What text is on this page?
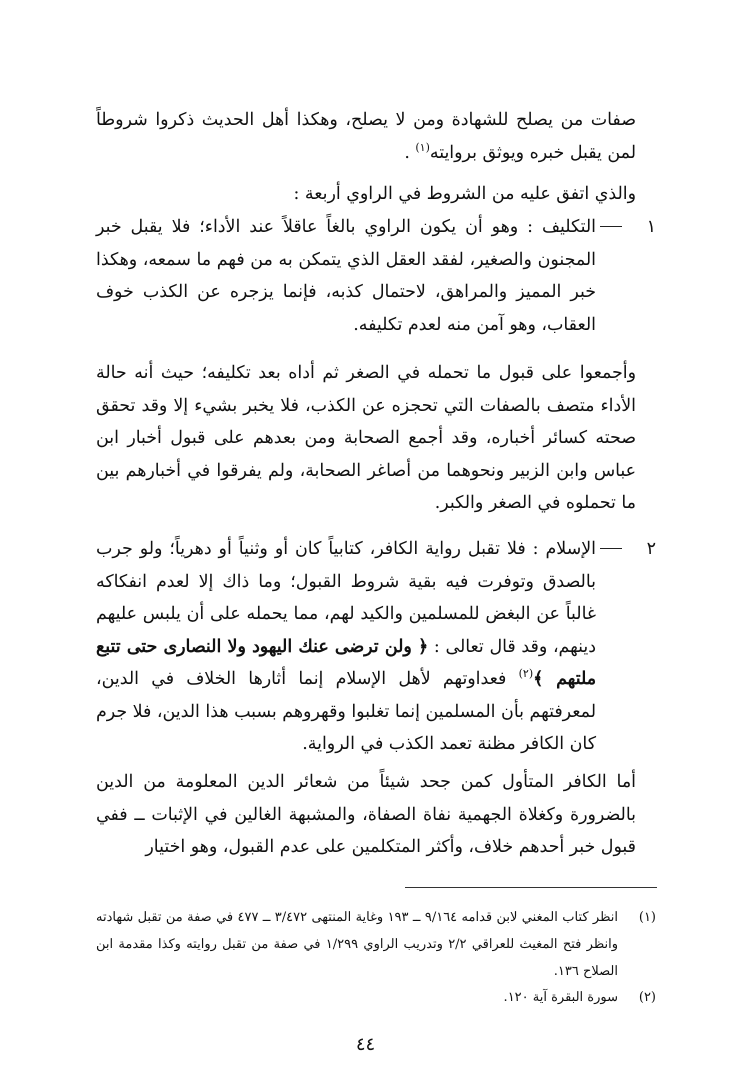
صفات من يصلح للشهادة ومن لا يصلح، وهكذا أهل الحديث ذكروا شروطاً لمن يقبل خبره ويوثق بروايته$^{(١)}$ .
والذي اتفق عليه من الشروط في الراوي أربعة :
١
التكليف : وهو أن يكون الراوي بالغاً عاقلاً عند الأداء؛ فلا يقبل خبر المجنون والصغير، لفقد العقل الذي يتمكن به من فهم ما سمعه، وهكذا خبر المميز والمراهق، لاحتمال كذبه، فإنما يزجره عن الكذب خوف العقاب، وهو آمن منه لعدم تكليفه.
وأجمعوا على قبول ما تحمله في الصغر ثم أداه بعد تكليفه؛ حيث أنه حالة الأداء متصف بالصفات التي تحجزه عن الكذب، فلا يخبر بشيء إلا وقد تحقق صحته كسائر أخباره، وقد أجمع الصحابة ومن بعدهم على قبول أخبار ابن عباس وابن الزبير ونحوهما من أصاغر الصحابة، ولم يفرقوا في أخبارهم بين ما تحملوه في الصغر والكبر.
٢
الإسلام : فلا تقبل رواية الكافر، كتابياً كان أو وثنياً أو دهرياً؛ ولو جرب بالصدق وتوفرت فيه بقية شروط القبول؛ وما ذاك إلا لعدم انفكاكه غالباً عن البغض للمسلمين والكيد لهم، مما يحمله على أن يلبس عليهم دينهم، وقد قال تعالى : ﴿ ولن ترضى عنك اليهود ولا النصارى حتى تتبع ملتهم ﴾$^{(٢)}$ فعداوتهم لأهل الإسلام إنما أثارها الخلاف في الدين، لمعرفتهم بأن المسلمين إنما تغلبوا وقهروهم بسبب هذا الدين، فلا جرم كان الكافر مظنة تعمد الكذب في الرواية.
أما الكافر المتأول كمن جحد شيئاً من شعائر الدين المعلومة من الدين بالضرورة وكغلاة الجهمية نفاة الصفاة، والمشبهة الغالين في الإثبات ــ ففي قبول خبر أحدهم خلاف، وأكثر المتكلمين على عدم القبول، وهو اختيار
(١)
انظر كتاب المغني لابن قدامه ٩/١٦٤ ــ ١٩٣ وغاية المنتهى ٣/٤٧٢ ــ ٤٧٧ في صفة من تقبل شهادته وانظر فتح المغيث للعراقي ٢/٢ وتدريب الراوي ١/٢٩٩ في صفة من تقبل روايته وكذا مقدمة ابن الصلاح ١٣٦.
(٢)
سورة البقرة آية ١٢٠.
٤٤
